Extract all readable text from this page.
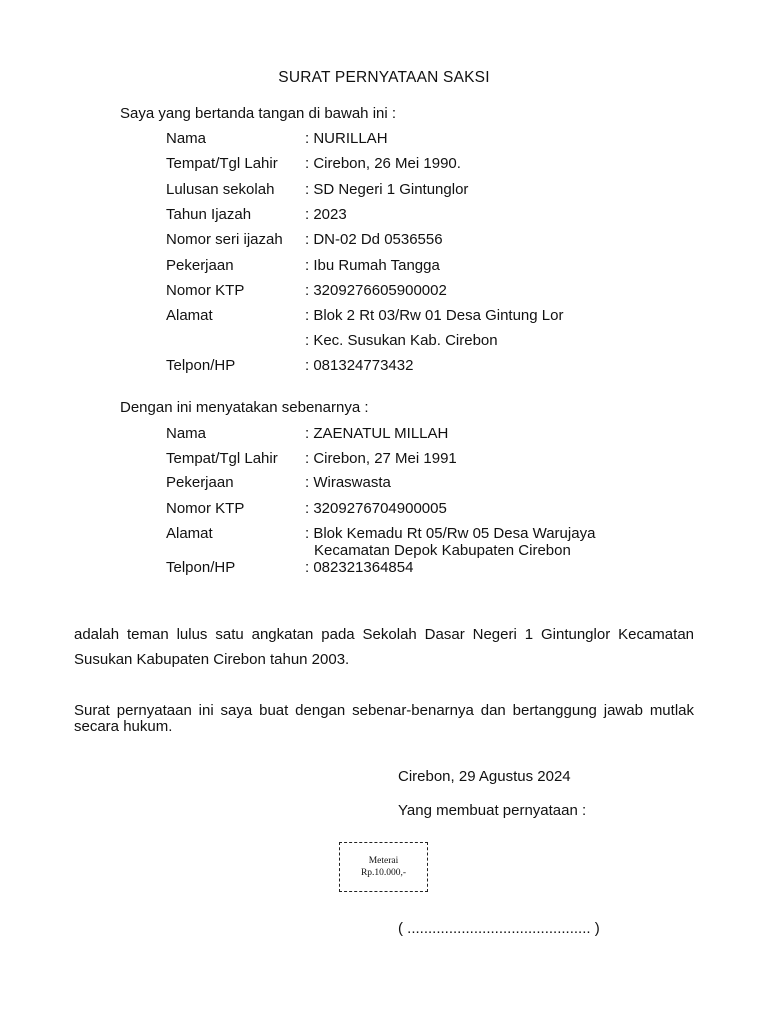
SURAT PERNYATAAN SAKSI
Saya yang bertanda tangan di bawah ini :
Nama	: NURILLAH
Tempat/Tgl Lahir : Cirebon, 26 Mei 1990.
Lulusan sekolah : SD Negeri 1 Gintunglor
Tahun Ijazah	: 2023
Nomor seri ijazah : DN-02 Dd 0536556
Pekerjaan	: Ibu Rumah Tangga
Nomor KTP	: 3209276605900002
Alamat	: Blok 2 Rt 03/Rw 01 Desa Gintung Lor
: Kec. Susukan Kab. Cirebon
Telpon/HP	: 081324773432
Dengan ini menyatakan sebenarnya :
Nama	: ZAENATUL MILLAH
Tempat/Tgl Lahir : Cirebon, 27 Mei 1991
Pekerjaan	: Wiraswasta
Nomor KTP	: 3209276704900005
Alamat	: Blok Kemadu Rt 05/Rw 05 Desa Warujaya
Kecamatan Depok Kabupaten Cirebon
Telpon/HP	: 082321364854
adalah teman lulus satu angkatan pada Sekolah Dasar Negeri 1 Gintunglor Kecamatan
Susukan Kabupaten Cirebon tahun 2003.
Surat pernyataan ini saya buat dengan sebenar-benarnya dan bertanggung jawab mutlak
secara hukum.
Cirebon, 29 Agustus 2024
Yang membuat pernyataan :
Meterai
Rp.10.000,-
( ............................................ )
